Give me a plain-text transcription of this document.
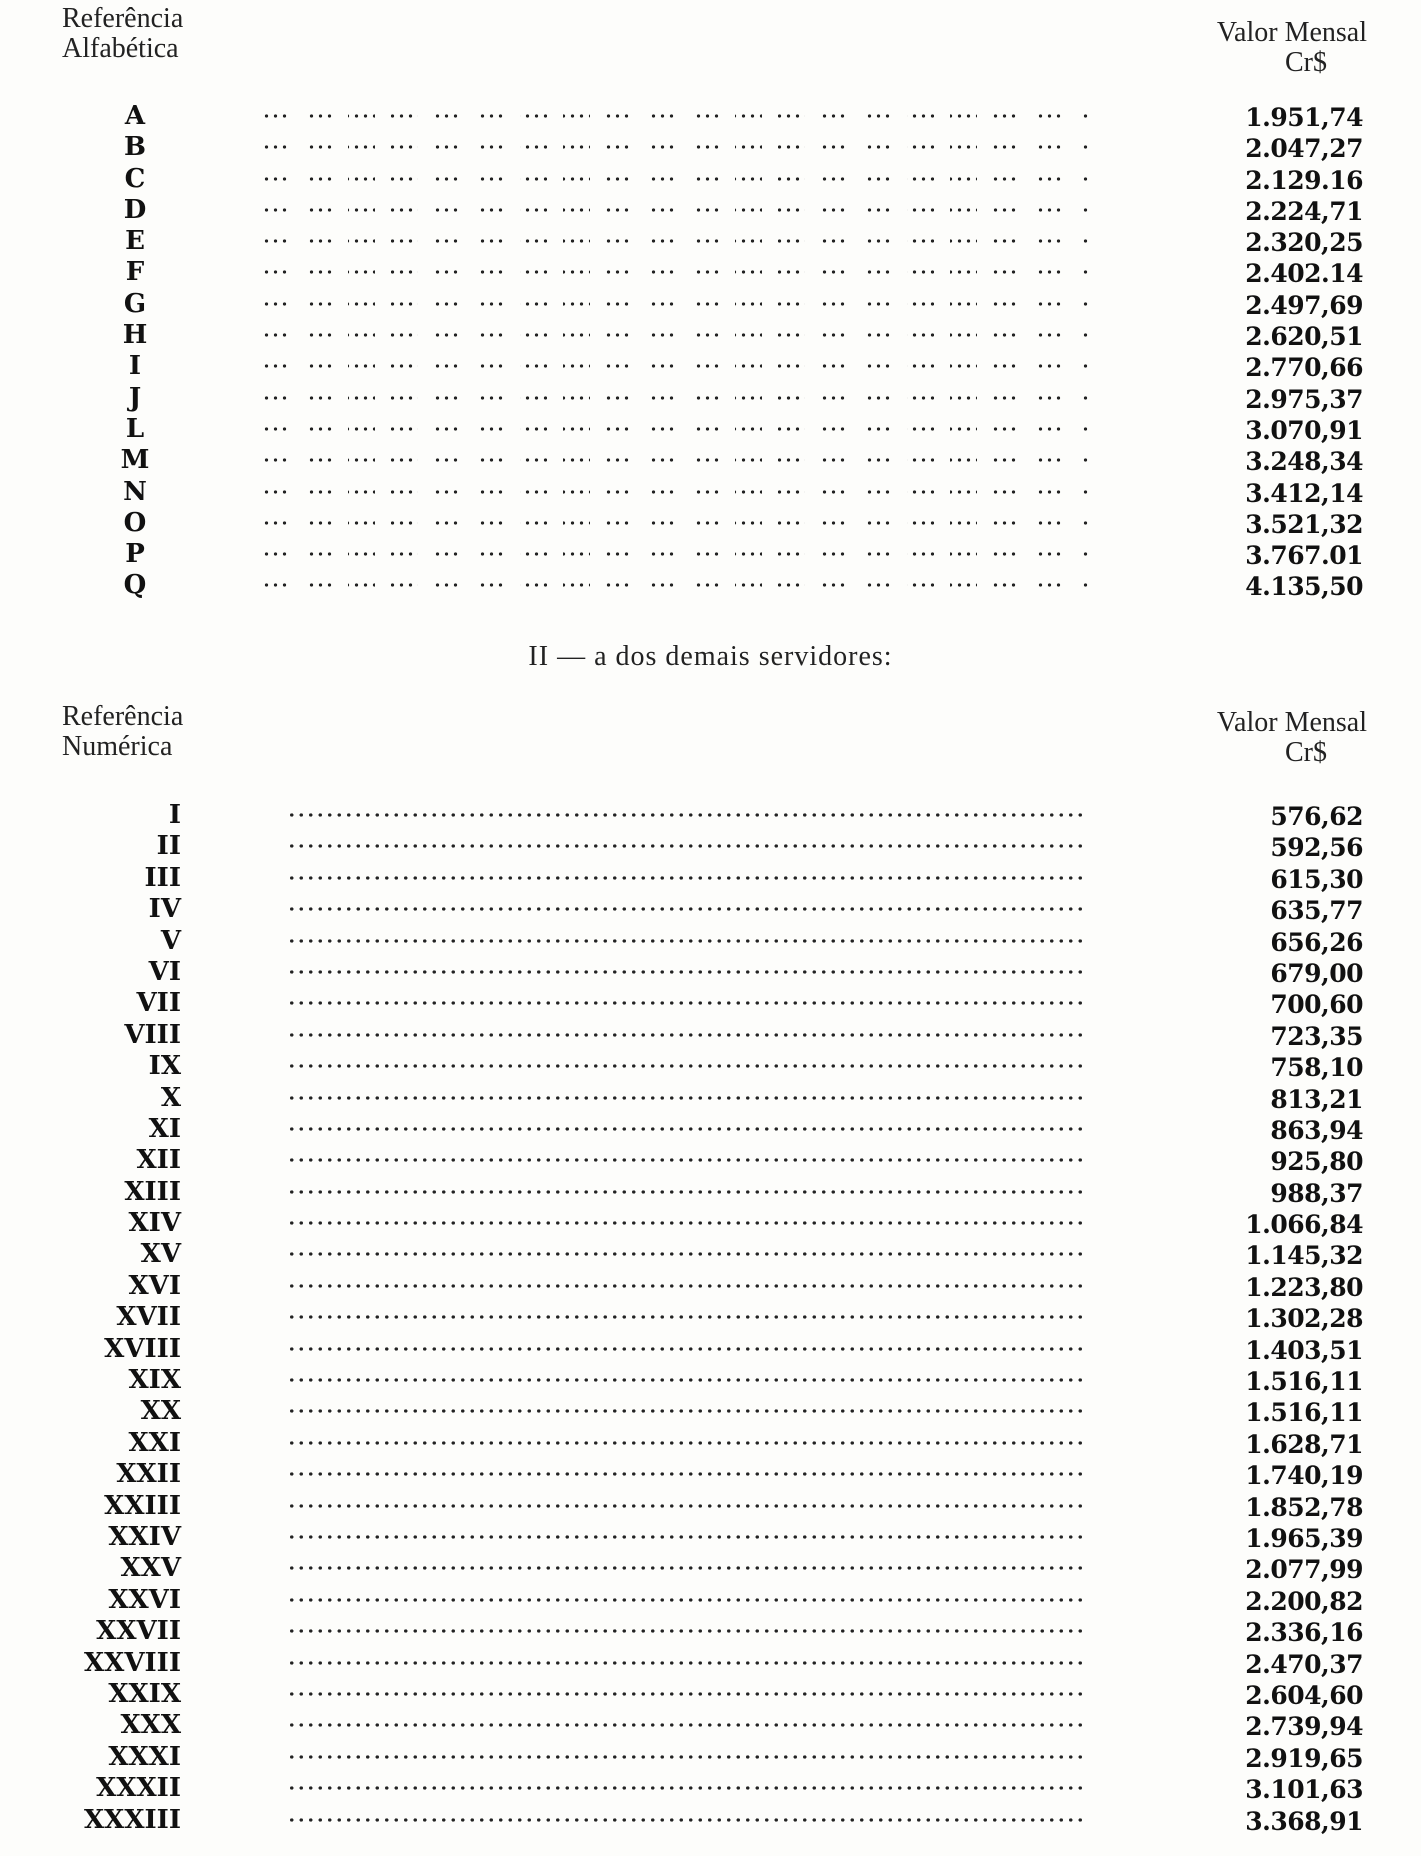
Referência
Alfabética
Valor Mensal
Cr$
A	1.951,74
B	2.047,27
C	2.129.16
D	2.224,71
E	2.320,25
F	2.402.14
G	2.497,69
H	2.620,51
I	2.770,66
J	2.975,37
L	3.070,91
M	3.248,34
N	3.412,14
O	3.521,32
P	3.767.01
Q	4.135,50
II — a dos demais servidores:
Referência
Numérica
Valor Mensal
Cr$
I	576,62
II	592,56
III	615,30
IV	635,77
V	656,26
VI	679,00
VII	700,60
VIII	723,35
IX	758,10
X	813,21
XI	863,94
XII	925,80
XIII	988,37
XIV	1.066,84
XV	1.145,32
XVI	1.223,80
XVII	1.302,28
XVIII	1.403,51
XIX	1.516,11
XX	1.516,11
XXI	1.628,71
XXII	1.740,19
XXIII	1.852,78
XXIV	1.965,39
XXV	2.077,99
XXVI	2.200,82
XXVII	2.336,16
XXVIII	2.470,37
XXIX	2.604,60
XXX	2.739,94
XXXI	2.919,65
XXXII	3.101,63
XXXIII	3.368,91
